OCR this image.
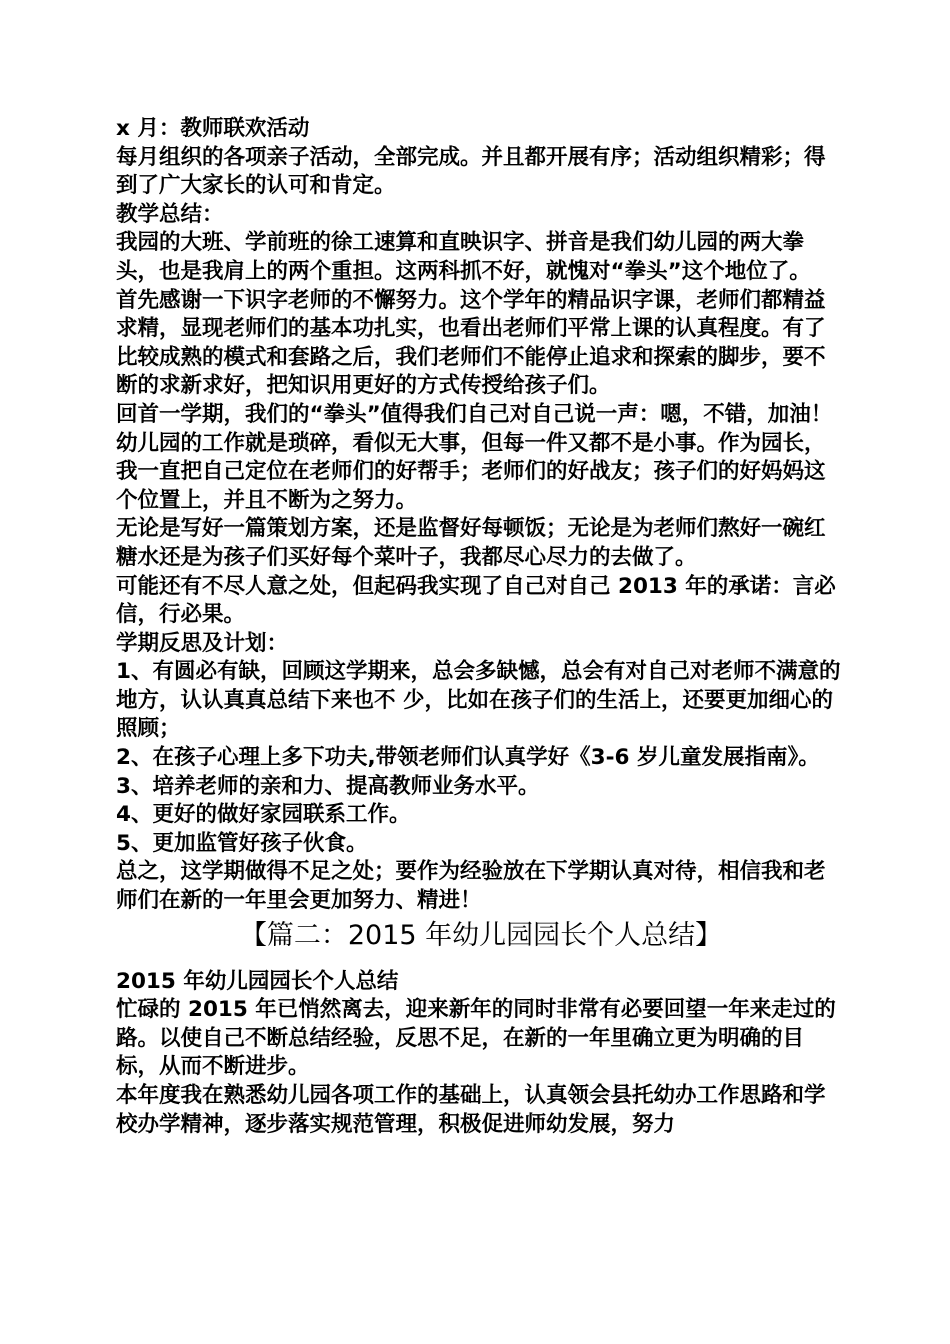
x 月：教师联欢活动

每月组织的各项亲子活动，全部完成。并且都开展有序；活动组织精彩；得到了广大家长的认可和肯定。

教学总结：

我园的大班、学前班的徐工速算和直映识字、拼音是我们幼儿园的两大拳头，也是我肩上的两个重担。这两科抓不好，就愧对“拳头”这个地位了。

首先感谢一下识字老师的不懈努力。这个学年的精品识字课，老师们都精益求精，显现老师们的基本功扎实，也看出老师们平常上课的认真程度。有了比较成熟的模式和套路之后，我们老师们不能停止追求和探索的脚步，要不断的求新求好，把知识用更好的方式传授给孩子们。

回首一学期，我们的“拳头”值得我们自己对自己说一声：嗯，不错，加油！

幼儿园的工作就是琐碎，看似无大事，但每一件又都不是小事。作为园长，我一直把自己定位在老师们的好帮手；老师们的好战友；孩子们的好妈妈这个位置上，并且不断为之努力。

无论是写好一篇策划方案，还是监督好每顿饭；无论是为老师们熬好一碗红糖水还是为孩子们买好每个菜叶子，我都尽心尽力的去做了。

可能还有不尽人意之处，但起码我实现了自己对自己 2013 年的承诺：言必信，行必果。

学期反思及计划：

1、有圆必有缺，回顾这学期来，总会多缺憾，总会有对自己对老师不满意的地方，认认真真总结下来也不 少，比如在孩子们的生活上，还要更加细心的照顾；

2、在孩子心理上多下功夫,带领老师们认真学好《3-6 岁儿童发展指南》。

3、培养老师的亲和力、提高教师业务水平。

4、更好的做好家园联系工作。

5、更加监管好孩子伙食。

总之，这学期做得不足之处；要作为经验放在下学期认真对待，相信我和老师们在新的一年里会更加努力、精进！

【篇二：2015 年幼儿园园长个人总结】

2015 年幼儿园园长个人总结

忙碌的 2015 年已悄然离去，迎来新年的同时非常有必要回望一年来走过的路。以使自己不断总结经验，反思不足，在新的一年里确立更为明确的目标，从而不断进步。

本年度我在熟悉幼儿园各项工作的基础上，认真领会县托幼办工作思路和学校办学精神，逐步落实规范管理，积极促进师幼发展，努力
